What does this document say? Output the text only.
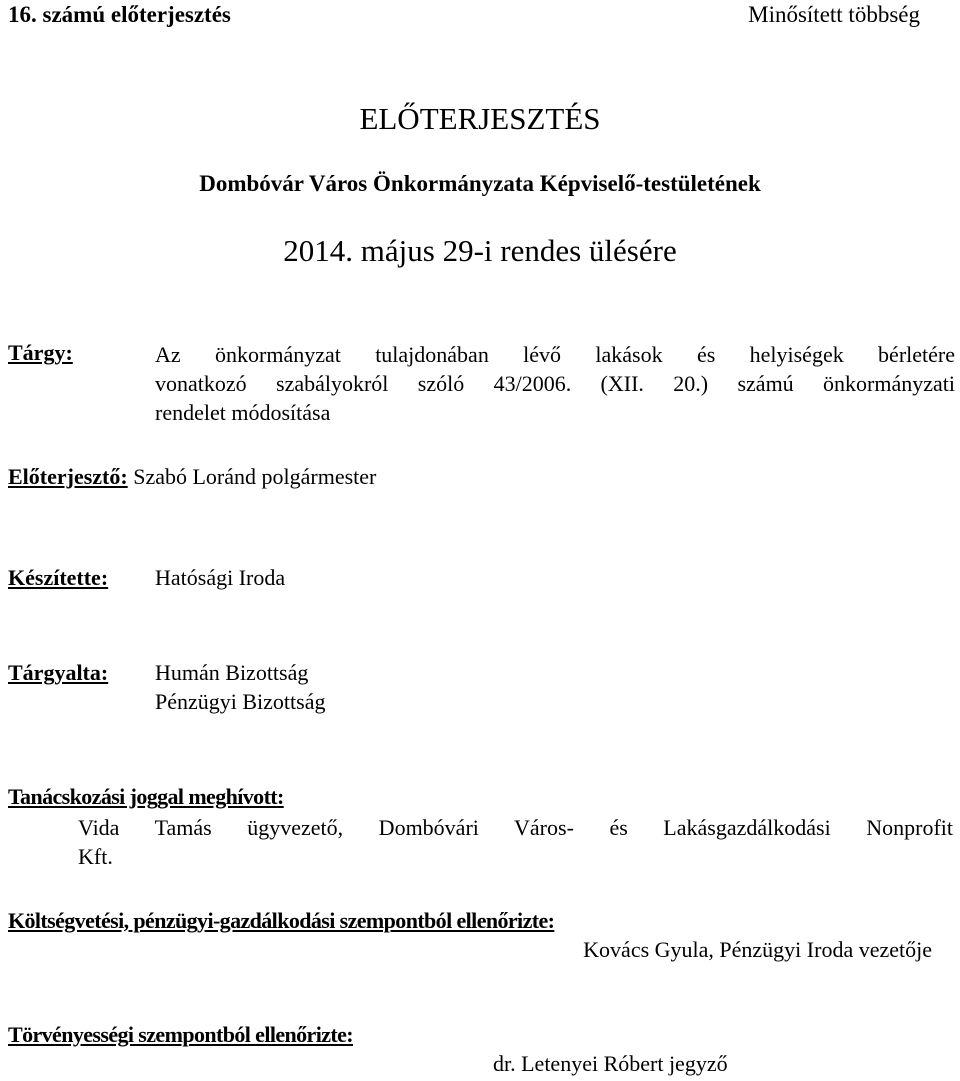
16. számú előterjesztés	Minősített többség
ELŐTERJESZTÉS
Dombóvár Város Önkormányzata Képviselő-testületének
2014. május 29-i rendes ülésére
Tárgy:	Az önkormányzat tulajdonában lévő lakások és helyiségek bérletére
vonatkozó szabályokról szóló 43/2006. (XII. 20.) számú önkormányzati
rendelet módosítása
Előterjesztő: Szabó Loránd polgármester
Készítette: Hatósági Iroda
Tárgyalta: Humán Bizottság
Pénzügyi Bizottság
Tanácskozási joggal meghívott:
Vida Tamás ügyvezető, Dombóvári Város- és Lakásgazdálkodási Nonprofit
Kft.
Költségvetési, pénzügyi-gazdálkodási szempontból ellenőrizte:
Kovács Gyula, Pénzügyi Iroda vezetője
Törvényességi szempontból ellenőrizte:
dr. Letenyei Róbert jegyző
